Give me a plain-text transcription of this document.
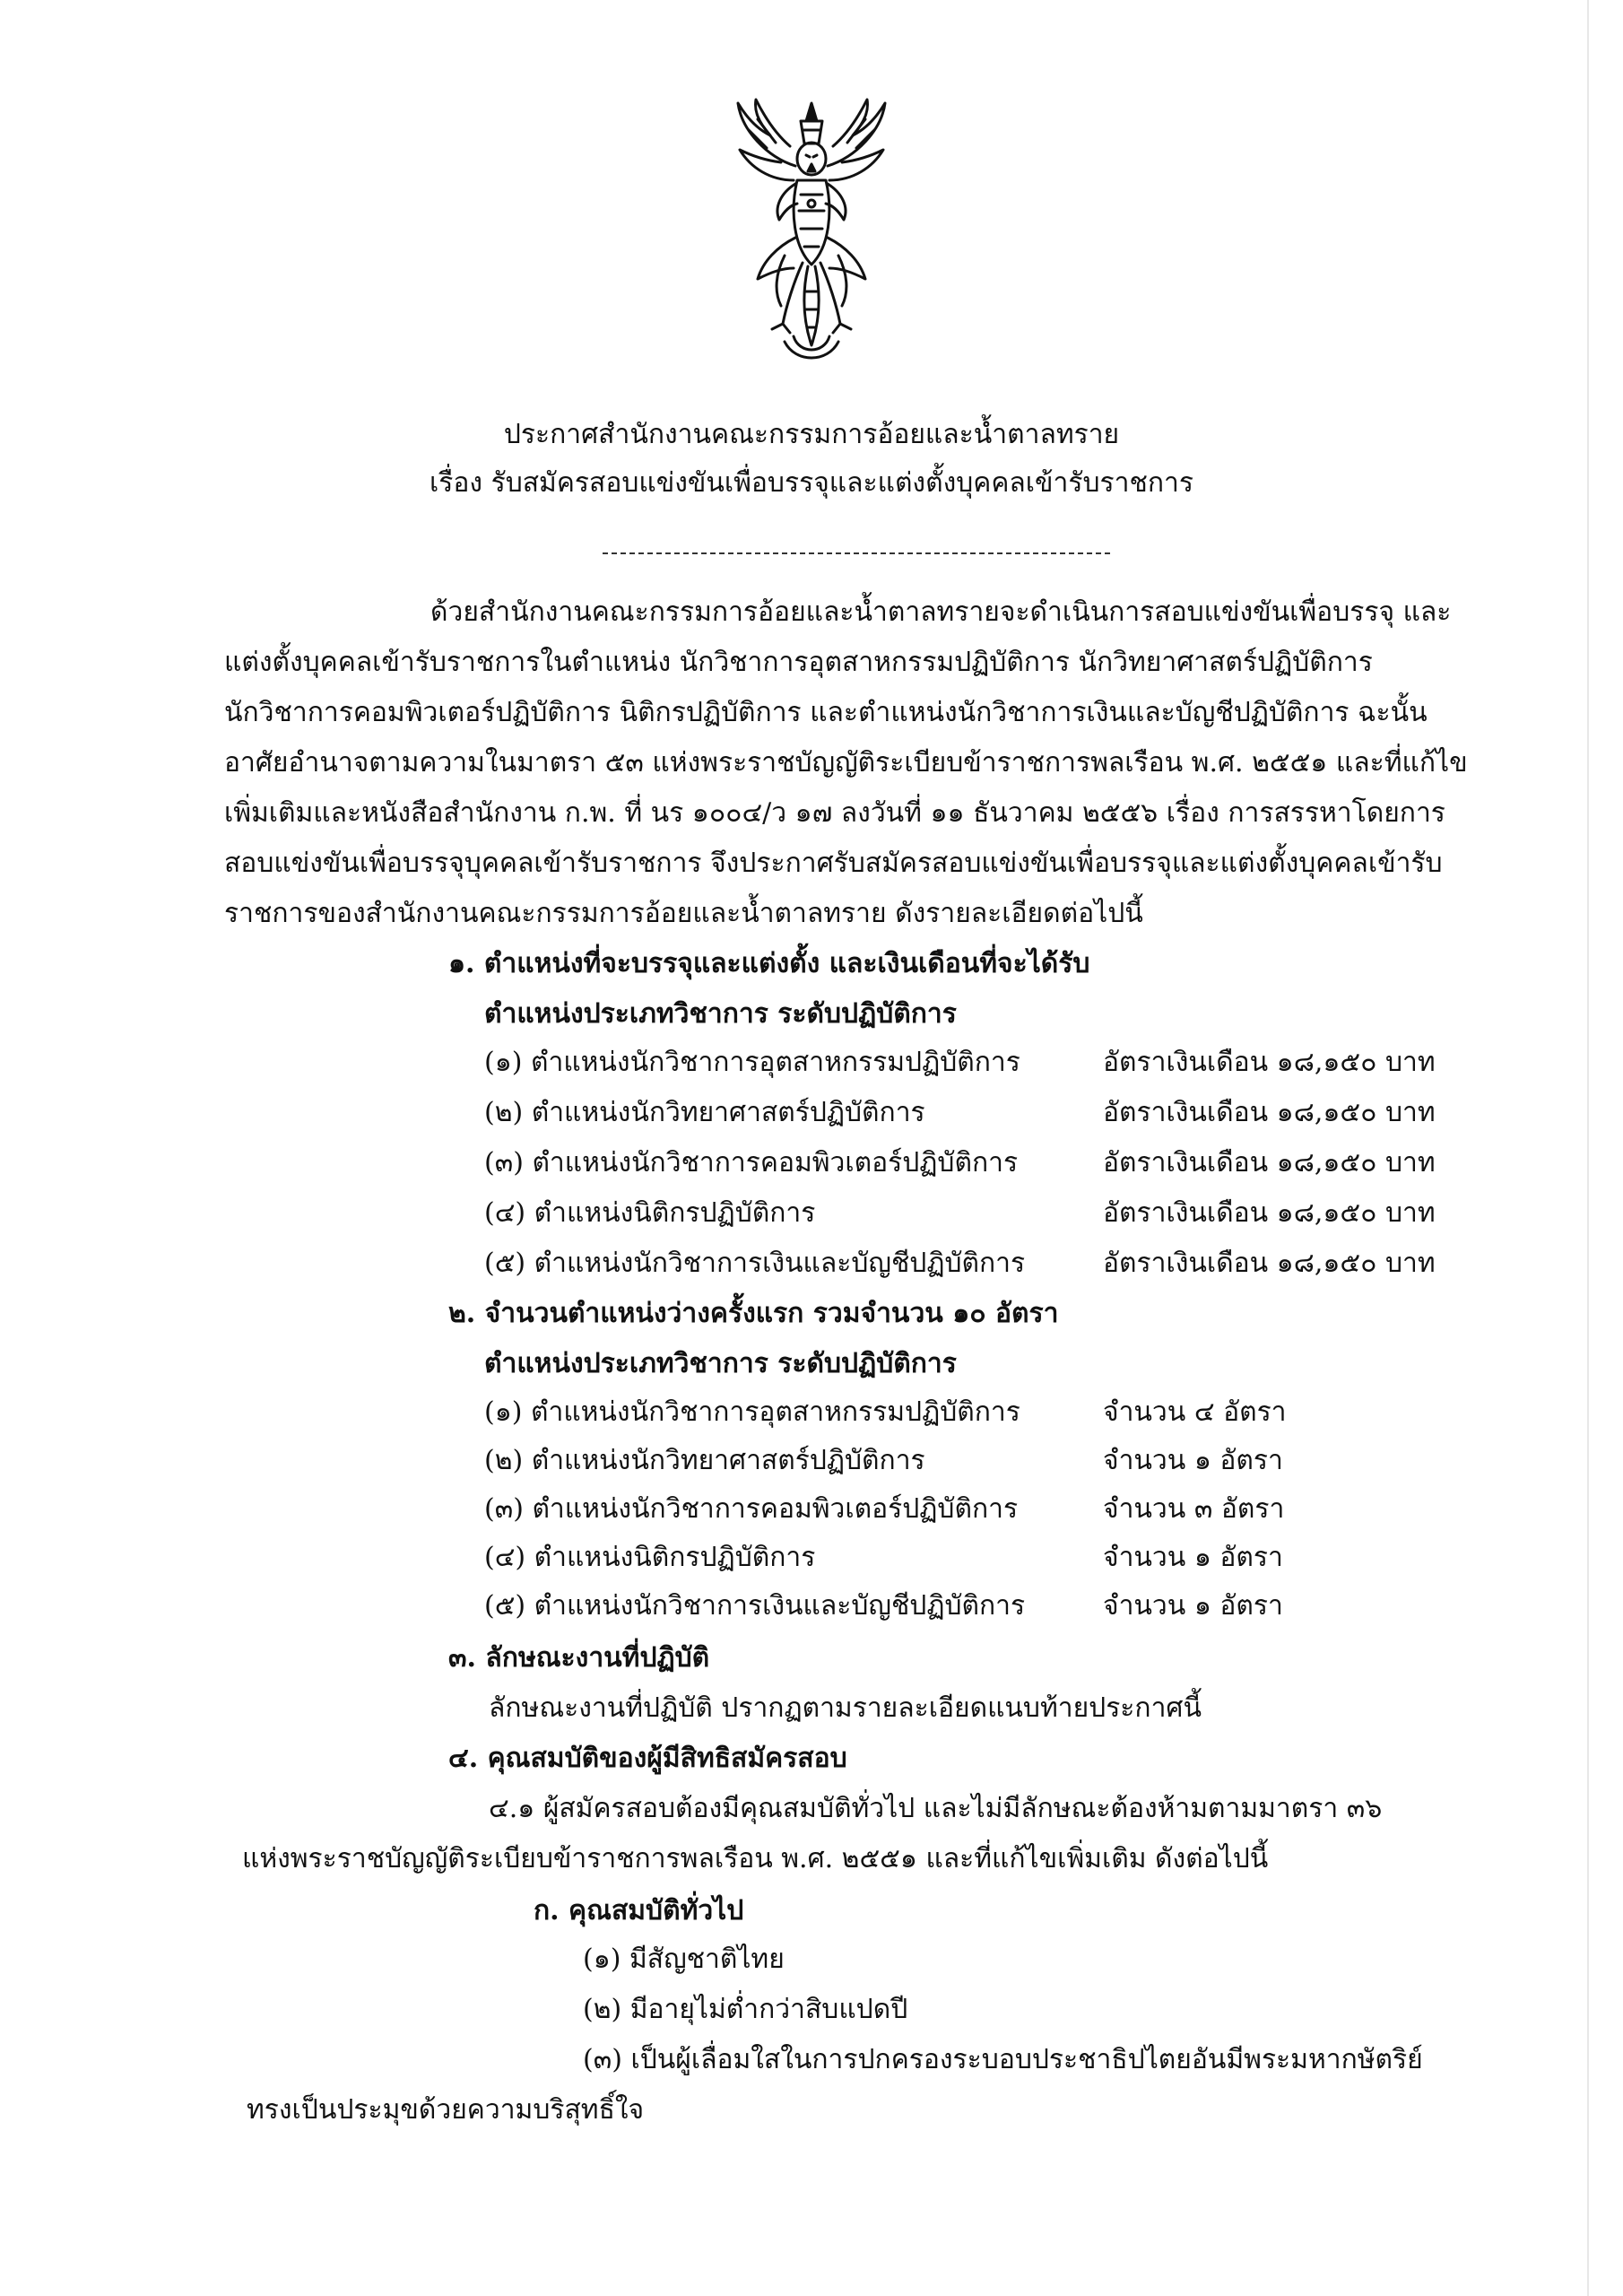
ประกาศสำนักงานคณะกรรมการอ้อยและน้ำตาลทราย
เรื่อง รับสมัครสอบแข่งขันเพื่อบรรจุและแต่งตั้งบุคคลเข้ารับราชการ
ด้วยสำนักงานคณะกรรมการอ้อยและน้ำตาลทรายจะดำเนินการสอบแข่งขันเพื่อบรรจุ และ
แต่งตั้งบุคคลเข้ารับราชการในตำแหน่ง นักวิชาการอุตสาหกรรมปฏิบัติการ นักวิทยาศาสตร์ปฏิบัติการ
นักวิชาการคอมพิวเตอร์ปฏิบัติการ นิติกรปฏิบัติการ และตำแหน่งนักวิชาการเงินและบัญชีปฏิบัติการ ฉะนั้น
อาศัยอำนาจตามความในมาตรา ๕๓ แห่งพระราชบัญญัติระเบียบข้าราชการพลเรือน พ.ศ. ๒๕๕๑ และที่แก้ไข
เพิ่มเติมและหนังสือสำนักงาน ก.พ. ที่ นร ๑๐๐๔/ว ๑๗ ลงวันที่ ๑๑ ธันวาคม ๒๕๕๖ เรื่อง การสรรหาโดยการ
สอบแข่งขันเพื่อบรรจุบุคคลเข้ารับราชการ จึงประกาศรับสมัครสอบแข่งขันเพื่อบรรจุและแต่งตั้งบุคคลเข้ารับ
ราชการของสำนักงานคณะกรรมการอ้อยและน้ำตาลทราย ดังรายละเอียดต่อไปนี้
๑. ตำแหน่งที่จะบรรจุและแต่งตั้ง และเงินเดือนที่จะได้รับ
ตำแหน่งประเภทวิชาการ ระดับปฏิบัติการ
(๑) ตำแหน่งนักวิชาการอุตสาหกรรมปฏิบัติการ	อัตราเงินเดือน ๑๘,๑๕๐ บาท
(๒) ตำแหน่งนักวิทยาศาสตร์ปฏิบัติการ	อัตราเงินเดือน ๑๘,๑๕๐ บาท
(๓) ตำแหน่งนักวิชาการคอมพิวเตอร์ปฏิบัติการ	อัตราเงินเดือน ๑๘,๑๕๐ บาท
(๔) ตำแหน่งนิติกรปฏิบัติการ	อัตราเงินเดือน ๑๘,๑๕๐ บาท
(๕) ตำแหน่งนักวิชาการเงินและบัญชีปฏิบัติการ	อัตราเงินเดือน ๑๘,๑๕๐ บาท
๒. จำนวนตำแหน่งว่างครั้งแรก รวมจำนวน ๑๐ อัตรา
ตำแหน่งประเภทวิชาการ ระดับปฏิบัติการ
(๑) ตำแหน่งนักวิชาการอุตสาหกรรมปฏิบัติการ	จำนวน ๔ อัตรา
(๒) ตำแหน่งนักวิทยาศาสตร์ปฏิบัติการ	จำนวน ๑ อัตรา
(๓) ตำแหน่งนักวิชาการคอมพิวเตอร์ปฏิบัติการ	จำนวน ๓ อัตรา
(๔) ตำแหน่งนิติกรปฏิบัติการ	จำนวน ๑ อัตรา
(๕) ตำแหน่งนักวิชาการเงินและบัญชีปฏิบัติการ	จำนวน ๑ อัตรา
๓. ลักษณะงานที่ปฏิบัติ
ลักษณะงานที่ปฏิบัติ ปรากฏตามรายละเอียดแนบท้ายประกาศนี้
๔. คุณสมบัติของผู้มีสิทธิสมัครสอบ
๔.๑ ผู้สมัครสอบต้องมีคุณสมบัติทั่วไป และไม่มีลักษณะต้องห้ามตามมาตรา ๓๖
แห่งพระราชบัญญัติระเบียบข้าราชการพลเรือน พ.ศ. ๒๕๕๑ และที่แก้ไขเพิ่มเติม ดังต่อไปนี้
ก. คุณสมบัติทั่วไป
(๑) มีสัญชาติไทย
(๒) มีอายุไม่ต่ำกว่าสิบแปดปี
(๓) เป็นผู้เลื่อมใสในการปกครองระบอบประชาธิปไตยอันมีพระมหากษัตริย์
ทรงเป็นประมุขด้วยความบริสุทธิ์ใจ
